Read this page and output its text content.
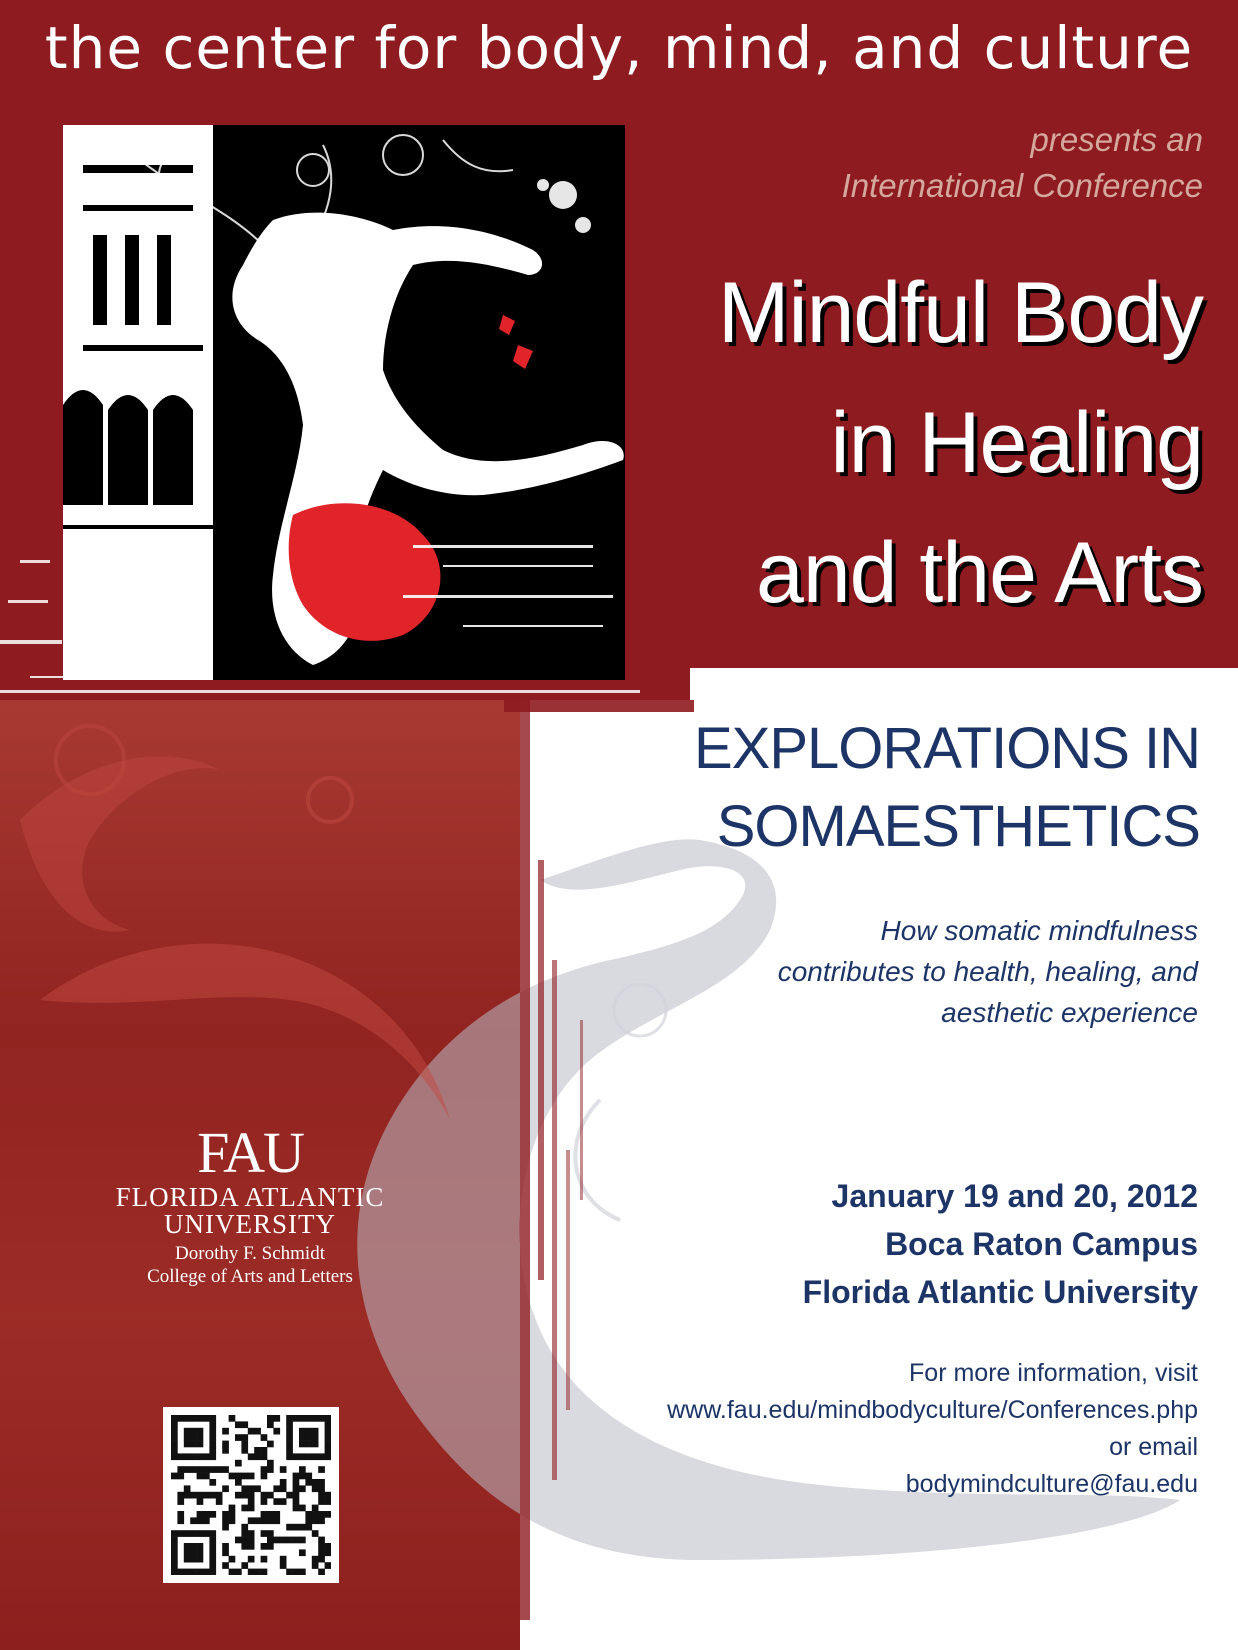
the center for body, mind, and culture
presents an
International Conference
Mindful Body
in Healing
and the Arts
EXPLORATIONS IN
SOMAESTHETICS
How somatic mindfulness
contributes to health, healing, and
aesthetic experience
January 19 and 20, 2012
Boca Raton Campus
Florida Atlantic University
For more information, visit
www.fau.edu/mindbodyculture/Conferences.php
or email
bodymindculture@fau.edu
FAU
FLORIDA ATLANTIC
UNIVERSITY
Dorothy F. Schmidt
College of Arts and Letters
